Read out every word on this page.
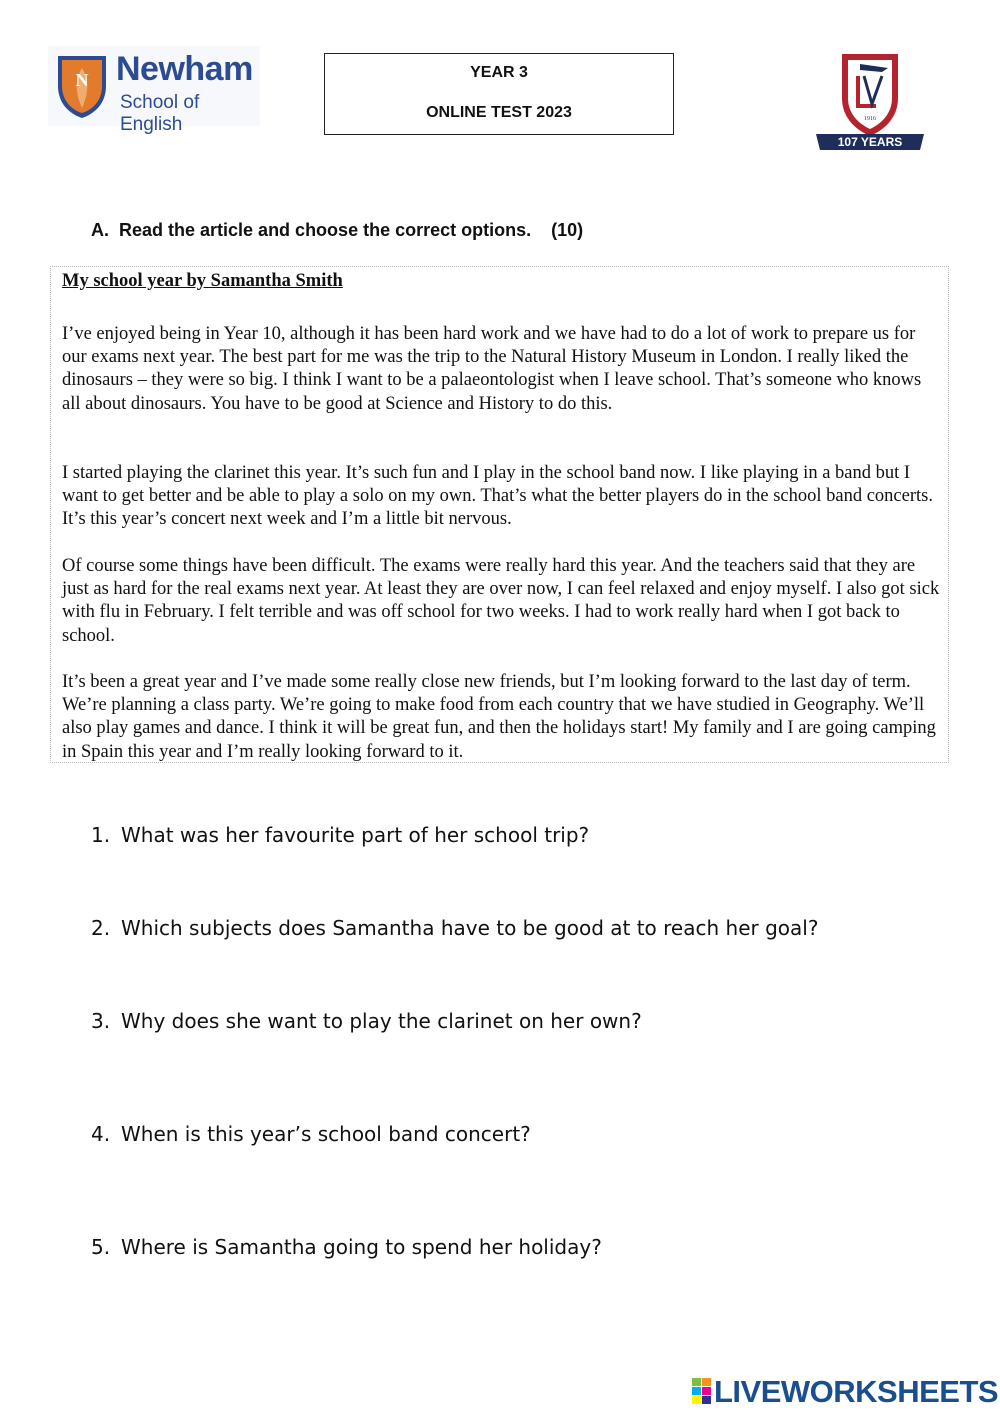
N Newham
School of English
YEAR 3
ONLINE TEST 2023	1916
107 YEARS
A.  Read the article and choose the correct options.    (10)
My school year by Samantha Smith

I’ve enjoyed being in Year 10, although it has been hard work and we have had to do a lot of work to prepare us for our exams next year. The best part for me was the trip to the Natural History Museum in London. I really liked the dinosaurs – they were so big. I think I want to be a palaeontologist when I leave school. That’s someone who knows all about dinosaurs. You have to be good at Science and History to do this.

I started playing the clarinet this year. It’s such fun and I play in the school band now. I like playing in a band but I want to get better and be able to play a solo on my own. That’s what the better players do in the school band concerts. It’s this year’s concert next week and I’m a little bit nervous.

Of course some things have been difficult. The exams were really hard this year. And the teachers said that they are just as hard for the real exams next year. At least they are over now, I can feel relaxed and enjoy myself. I also got sick with flu in February. I felt terrible and was off school for two weeks. I had to work really hard when I got back to school.

It’s been a great year and I’ve made some really close new friends, but I’m looking forward to the last day of term. We’re planning a class party. We’re going to make food from each country that we have studied in Geography. We’ll also play games and dance. I think it will be great fun, and then the holidays start! My family and I are going camping in Spain this year and I’m really looking forward to it.

1. What was her favourite part of her school trip?
2. Which subjects does Samantha have to be good at to reach her goal?
3. Why does she want to play the clarinet on her own?
4. When is this year’s school band concert?
5. Where is Samantha going to spend her holiday?
LIVEWORKSHEETS
